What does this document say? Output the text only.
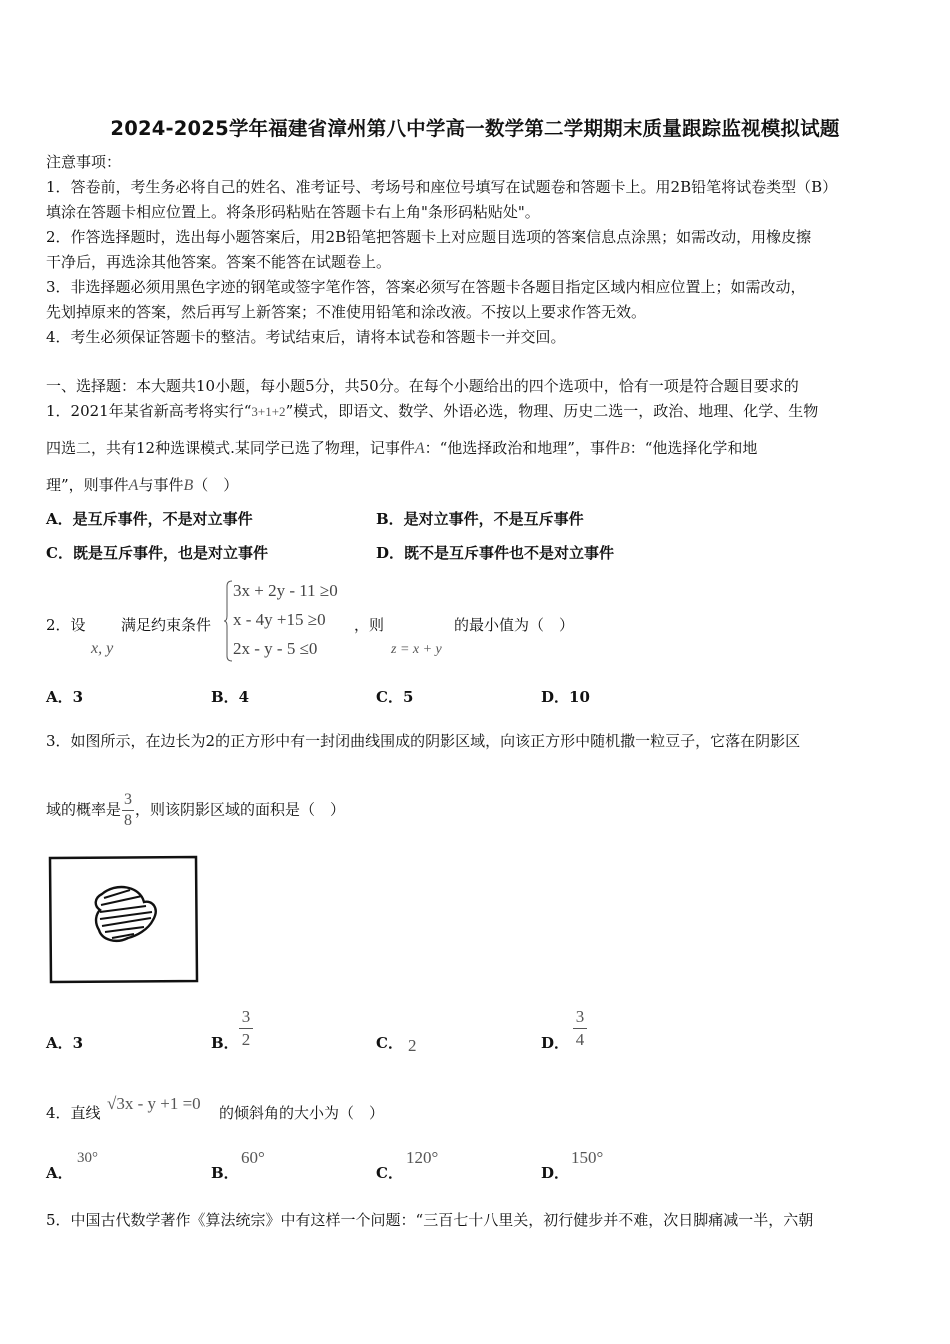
2024-2025学年福建省漳州第八中学高一数学第二学期期末质量跟踪监视模拟试题
注意事项：
1．答卷前，考生务必将自己的姓名、准考证号、考场号和座位号填写在试题卷和答题卡上。用2B铅笔将试卷类型（B）
填涂在答题卡相应位置上。将条形码粘贴在答题卡右上角"条形码粘贴处"。
2．作答选择题时，选出每小题答案后，用2B铅笔把答题卡上对应题目选项的答案信息点涂黑；如需改动，用橡皮擦
干净后，再选涂其他答案。答案不能答在试题卷上。
3．非选择题必须用黑色字迹的钢笔或签字笔作答，答案必须写在答题卡各题目指定区域内相应位置上；如需改动，
先划掉原来的答案，然后再写上新答案；不准使用铅笔和涂改液。不按以上要求作答无效。
4．考生必须保证答题卡的整洁。考试结束后，请将本试卷和答题卡一并交回。
一、选择题：本大题共10小题，每小题5分，共50分。在每个小题给出的四个选项中，恰有一项是符合题目要求的
1．2021年某省新高考将实行“3+1+2”模式，即语文、数学、外语必选，物理、历史二选一，政治、地理、化学、生物
四选二，共有12种选课模式.某同学已选了物理，记事件A：“他选择政治和地理”，事件B：“他选择化学和地
理”，则事件A与事件B（　）
A．是互斥事件，不是对立事件	B．是对立事件，不是互斥事件
C．既是互斥事件，也是对立事件	D．既不是互斥事件也不是对立事件
2．设
x, y
满足约束条件
3x + 2y - 11 ≥0
x - 4y +15 ≥0
2x - y - 5 ≤0
，则
z = x + y
的最小值为（　）
A．3	B．4	C．5	D．10
3．如图所示，在边长为2的正方形中有一封闭曲线围成的阴影区域，向该正方形中随机撒一粒豆子，它落在阴影区
域的概率是 $\frac{3}{8}$ ，则该阴影区域的面积是（　）
A．3	B．
3
2	C． 2	D．
3
4
4．直线 √3x - y +1 =0 的倾斜角的大小为（　）
A．
30°
B．
60°
C．
120°
D．
150°
5．中国古代数学著作《算法统宗》中有这样一个问题：“三百七十八里关，初行健步并不难，次日脚痛减一半，六朝
